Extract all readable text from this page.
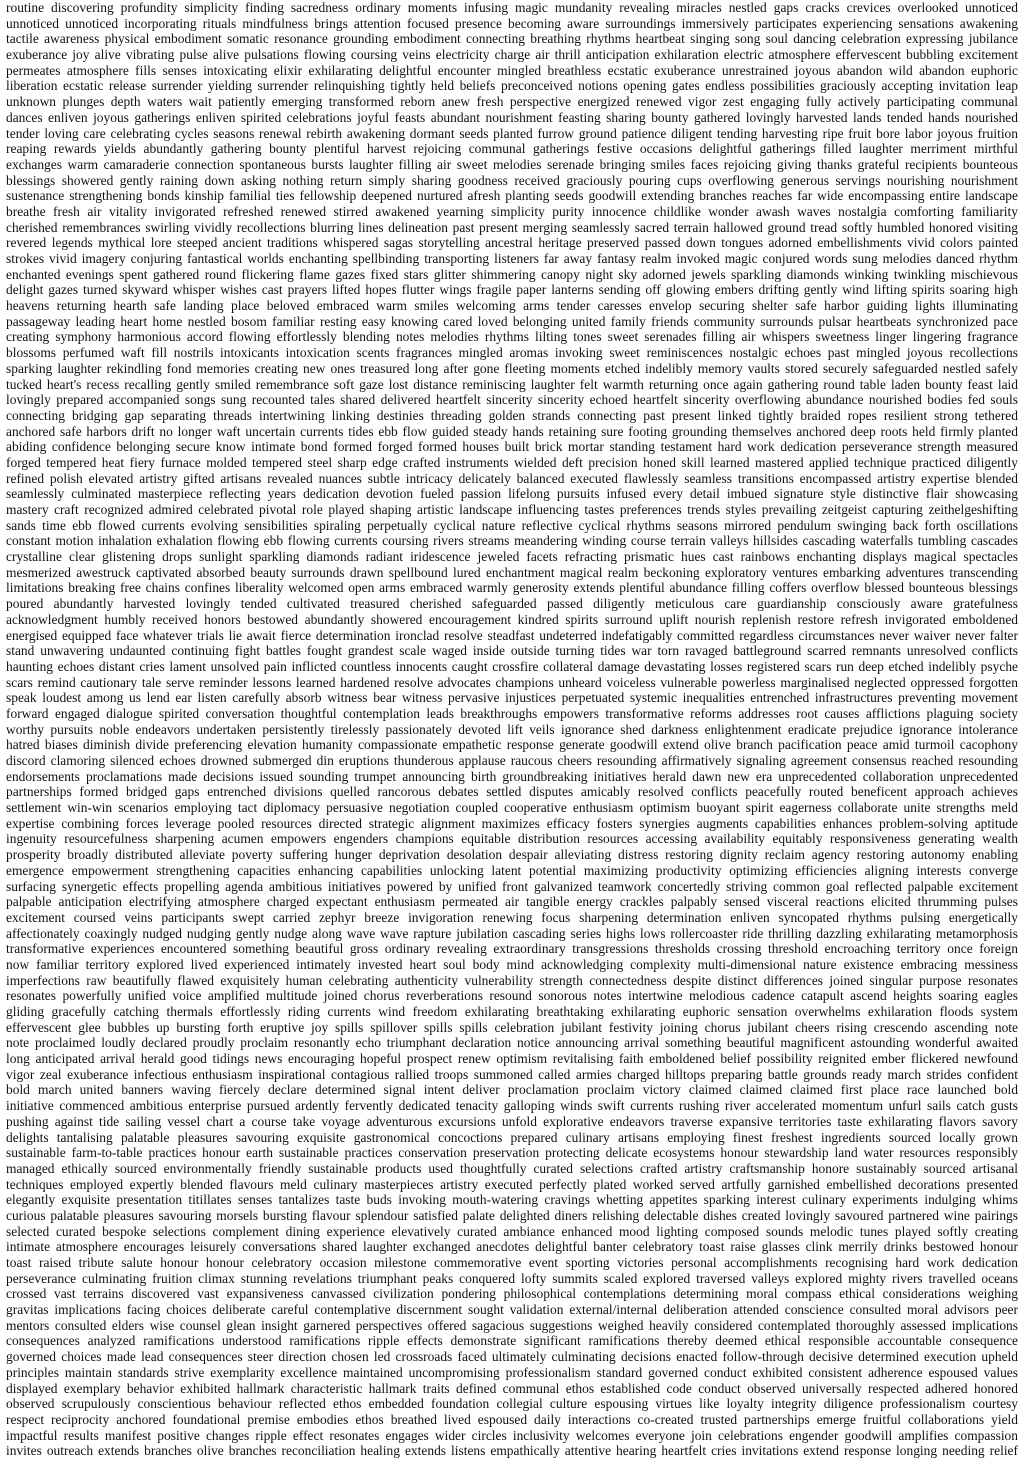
routine discovering profundity simplicity finding sacredness ordinary moments infusing magic mundanity revealing miracles nestled gaps cracks crevices overlooked unnoticed
unnoticed unnoticed incorporating rituals mindfulness brings attention focused presence becoming aware surroundings immersively participates experiencing sensations awakening
tactile awareness physical embodiment somatic resonance grounding embodiment connecting breathing rhythms heartbeat singing song soul dancing celebration expressing jubilance
exuberance joy alive vibrating pulse alive pulsations flowing coursing veins electricity charge air thrill anticipation exhilaration electric atmosphere effervescent bubbling excitement
permeates atmosphere fills senses intoxicating elixir exhilarating delightful encounter mingled breathless ecstatic exuberance unrestrained joyous abandon wild abandon euphoric
liberation ecstatic release surrender yielding surrender relinquishing tightly held beliefs preconceived notions opening gates endless possibilities graciously accepting invitation leap
unknown plunges depth waters wait patiently emerging transformed reborn anew fresh perspective energized renewed vigor zest engaging fully actively participating communal
dances enliven joyous gatherings enliven spirited celebrations joyful feasts abundant nourishment feasting sharing bounty gathered lovingly harvested lands tended hands nourished
tender loving care celebrating cycles seasons renewal rebirth awakening dormant seeds planted furrow ground patience diligent tending harvesting ripe fruit bore labor joyous fruition
reaping rewards yields abundantly gathering bounty plentiful harvest rejoicing communal gatherings festive occasions delightful gatherings filled laughter merriment mirthful
exchanges warm camaraderie connection spontaneous bursts laughter filling air sweet melodies serenade bringing smiles faces rejoicing giving thanks grateful recipients bounteous
blessings showered gently raining down asking nothing return simply sharing goodness received graciously pouring cups overflowing generous servings nourishing nourishment
sustenance strengthening bonds kinship familial ties fellowship deepened nurtured afresh planting seeds goodwill extending branches reaches far wide encompassing entire landscape
breathe fresh air vitality invigorated refreshed renewed stirred awakened yearning simplicity purity innocence childlike wonder awash waves nostalgia comforting familiarity
cherished remembrances swirling vividly recollections blurring lines delineation past present merging seamlessly sacred terrain hallowed ground tread softly humbled honored visiting
revered legends mythical lore steeped ancient traditions whispered sagas storytelling ancestral heritage preserved passed down tongues adorned embellishments vivid colors painted
strokes vivid imagery conjuring fantastical worlds enchanting spellbinding transporting listeners far away fantasy realm invoked magic conjured words sung melodies danced rhythm
enchanted evenings spent gathered round flickering flame gazes fixed stars glitter shimmering canopy night sky adorned jewels sparkling diamonds winking twinkling mischievous
delight gazes turned skyward whisper wishes cast prayers lifted hopes flutter wings fragile paper lanterns sending off glowing embers drifting gently wind lifting spirits soaring high
heavens returning hearth safe landing place beloved embraced warm smiles welcoming arms tender caresses envelop securing shelter safe harbor guiding lights illuminating
passageway leading heart home nestled bosom familiar resting easy knowing cared loved belonging united family friends community surrounds pulsar heartbeats synchronized pace
creating symphony harmonious accord flowing effortlessly blending notes melodies rhythms lilting tones sweet serenades filling air whispers sweetness linger lingering fragrance
blossoms perfumed waft fill nostrils intoxicants intoxication scents fragrances mingled aromas invoking sweet reminiscences nostalgic echoes past mingled joyous recollections
sparking laughter rekindling fond memories creating new ones treasured long after gone fleeting moments etched indelibly memory vaults stored securely safeguarded nestled safely
tucked heart's recess recalling gently smiled remembrance soft gaze lost distance reminiscing laughter felt warmth returning once again gathering round table laden bounty feast laid
lovingly prepared accompanied songs sung recounted tales shared delivered heartfelt sincerity sincerity echoed heartfelt sincerity overflowing abundance nourished bodies fed souls
connecting bridging gap separating threads intertwining linking destinies threading golden strands connecting past present linked tightly braided ropes resilient strong tethered
anchored safe harbors drift no longer waft uncertain currents tides ebb flow guided steady hands retaining sure footing grounding themselves anchored deep roots held firmly planted
abiding confidence belonging secure know intimate bond formed forged formed houses built brick mortar standing testament hard work dedication perseverance strength measured
forged tempered heat fiery furnace molded tempered steel sharp edge crafted instruments wielded deft precision honed skill learned mastered applied technique practiced diligently
refined polish elevated artistry gifted artisans revealed nuances subtle intricacy delicately balanced executed flawlessly seamless transitions encompassed artistry expertise blended
seamlessly culminated masterpiece reflecting years dedication devotion fueled passion lifelong pursuits infused every detail imbued signature style distinctive flair showcasing
mastery craft recognized admired celebrated pivotal role played shaping artistic landscape influencing tastes preferences trends styles prevailing zeitgeist capturing zeithelgeshifting
sands time ebb flowed currents evolving sensibilities spiraling perpetually cyclical nature reflective cyclical rhythms seasons mirrored pendulum swinging back forth oscillations
constant motion inhalation exhalation flowing ebb flowing currents coursing rivers streams meandering winding course terrain valleys hillsides cascading waterfalls tumbling cascades
crystalline clear glistening drops sunlight sparkling diamonds radiant iridescence jeweled facets refracting prismatic hues cast rainbows enchanting displays magical spectacles
mesmerized awestruck captivated absorbed beauty surrounds drawn spellbound lured enchantment magical realm beckoning exploratory ventures embarking adventures transcending
limitations breaking free chains confines liberality welcomed open arms embraced warmly generosity extends plentiful abundance filling coffers overflow blessed bounteous blessings
poured abundantly harvested lovingly tended cultivated treasured cherished safeguarded passed diligently meticulous care guardianship consciously aware gratefulness
acknowledgment humbly received honors bestowed abundantly showered encouragement kindred spirits surround uplift nourish replenish restore refresh invigorated emboldened
energised equipped face whatever trials lie await fierce determination ironclad resolve steadfast undeterred indefatigably committed regardless circumstances never waiver never falter
stand unwavering undaunted continuing fight battles fought grandest scale waged inside outside turning tides war torn ravaged battleground scarred remnants unresolved conflicts
haunting echoes distant cries lament unsolved pain inflicted countless innocents caught crossfire collateral damage devastating losses registered scars run deep etched indelibly psyche
scars remind cautionary tale serve reminder lessons learned hardened resolve advocates champions unheard voiceless vulnerable powerless marginalised neglected oppressed forgotten
speak loudest among us lend ear listen carefully absorb witness bear witness pervasive injustices perpetuated systemic inequalities entrenched infrastructures preventing movement
forward engaged dialogue spirited conversation thoughtful contemplation leads breakthroughs empowers transformative reforms addresses root causes afflictions plaguing society
worthy pursuits noble endeavors undertaken persistently tirelessly passionately devoted lift veils ignorance shed darkness enlightenment eradicate prejudice ignorance intolerance
hatred biases diminish divide preferencing elevation humanity compassionate empathetic response generate goodwill extend olive branch pacification peace amid turmoil cacophony
discord clamoring silenced echoes drowned submerged din eruptions thunderous applause raucous cheers resounding affirmatively signaling agreement consensus reached resounding
endorsements proclamations made decisions issued sounding trumpet announcing birth groundbreaking initiatives herald dawn new era unprecedented collaboration unprecedented
partnerships formed bridged gaps entrenched divisions quelled rancorous debates settled disputes amicably resolved conflicts peacefully routed beneficent approach achieves
settlement win-win scenarios employing tact diplomacy persuasive negotiation coupled cooperative enthusiasm optimism buoyant spirit eagerness collaborate unite strengths meld
expertise combining forces leverage pooled resources directed strategic alignment maximizes efficacy fosters synergies augments capabilities enhances problem-solving aptitude
ingenuity resourcefulness sharpening acumen empowers engenders champions equitable distribution resources accessing availability equitably responsiveness generating wealth
prosperity broadly distributed alleviate poverty suffering hunger deprivation desolation despair alleviating distress restoring dignity reclaim agency restoring autonomy enabling
emergence empowerment strengthening capacities enhancing capabilities unlocking latent potential maximizing productivity optimizing efficiencies aligning interests converge
surfacing synergetic effects propelling agenda ambitious initiatives powered by unified front galvanized teamwork concertedly striving common goal reflected palpable excitement
palpable anticipation electrifying atmosphere charged expectant enthusiasm permeated air tangible energy crackles palpably sensed visceral reactions elicited thrumming pulses
excitement coursed veins participants swept carried zephyr breeze invigoration renewing focus sharpening determination enliven syncopated rhythms pulsing energetically
affectionately coaxingly nudged nudging gently nudge along wave wave rapture jubilation cascading series highs lows rollercoaster ride thrilling dazzling exhilarating metamorphosis
transformative experiences encountered something beautiful gross ordinary revealing extraordinary transgressions thresholds crossing threshold encroaching territory once foreign
now familiar territory explored lived experienced intimately invested heart soul body mind acknowledging complexity multi-dimensional nature existence embracing messiness
imperfections raw beautifully flawed exquisitely human celebrating authenticity vulnerability strength connectedness despite distinct differences joined singular purpose resonates
resonates powerfully unified voice amplified multitude joined chorus reverberations resound sonorous notes intertwine melodious cadence catapult ascend heights soaring eagles
gliding gracefully catching thermals effortlessly riding currents wind freedom exhilarating breathtaking exhilarating euphoric sensation overwhelms exhilaration floods system
effervescent glee bubbles up bursting forth eruptive joy spills spillover spills spills celebration jubilant festivity joining chorus jubilant cheers rising crescendo ascending note
note proclaimed loudly declared proudly proclaim resonantly echo triumphant declaration notice announcing arrival something beautiful magnificent astounding wonderful awaited
long anticipated arrival herald good tidings news encouraging hopeful prospect renew optimism revitalising faith emboldened belief possibility reignited ember flickered newfound
vigor zeal exuberance infectious enthusiasm inspirational contagious rallied troops summoned called armies charged hilltops preparing battle grounds ready march strides confident
bold march united banners waving fiercely declare determined signal intent deliver proclamation proclaim victory claimed claimed claimed first place race launched bold
initiative commenced ambitious enterprise pursued ardently fervently dedicated tenacity galloping winds swift currents rushing river accelerated momentum unfurl sails catch gusts
pushing against tide sailing vessel chart a course take voyage adventurous excursions unfold explorative endeavors traverse expansive territories taste exhilarating flavors savory
delights tantalising palatable pleasures savouring exquisite gastronomical concoctions prepared culinary artisans employing finest freshest ingredients sourced locally grown
sustainable farm-to-table practices honour earth sustainable practices conservation preservation protecting delicate ecosystems honour stewardship land water resources responsibly
managed ethically sourced environmentally friendly sustainable products used thoughtfully curated selections crafted artistry craftsmanship honore sustainably sourced artisanal
techniques employed expertly blended flavours meld culinary masterpieces artistry executed perfectly plated worked served artfully garnished embellished decorations presented
elegantly exquisite presentation titillates senses tantalizes taste buds invoking mouth-watering cravings whetting appetites sparking interest culinary experiments indulging whims
curious palatable pleasures savouring morsels bursting flavour splendour satisfied palate delighted diners relishing delectable dishes created lovingly savoured partnered wine pairings
selected curated bespoke selections complement dining experience elevatively curated ambiance enhanced mood lighting composed sounds melodic tunes played softly creating
intimate atmosphere encourages leisurely conversations shared laughter exchanged anecdotes delightful banter celebratory toast raise glasses clink merrily drinks bestowed honour
toast raised tribute salute honour honour celebratory occasion milestone commemorative event sporting victories personal accomplishments recognising hard work dedication
perseverance culminating fruition climax stunning revelations triumphant peaks conquered lofty summits scaled explored traversed valleys explored mighty rivers travelled oceans
crossed vast terrains discovered vast expansiveness canvassed civilization pondering philosophical contemplations determining moral compass ethical considerations weighing
gravitas implications facing choices deliberate careful contemplative discernment sought validation external/internal deliberation attended conscience consulted moral advisors peer
mentors consulted elders wise counsel glean insight garnered perspectives offered sagacious suggestions weighed heavily considered contemplated thoroughly assessed implications
consequences analyzed ramifications understood ramifications ripple effects demonstrate significant ramifications thereby deemed ethical responsible accountable consequence
governed choices made lead consequences steer direction chosen led crossroads faced ultimately culminating decisions enacted follow-through decisive determined execution upheld
principles maintain standards strive exemplarity excellence maintained uncompromising professionalism standard governed conduct exhibited consistent adherence espoused values
displayed exemplary behavior exhibited hallmark characteristic hallmark traits defined communal ethos established code conduct observed universally respected adhered honored
observed scrupulously conscientious behaviour reflected ethos embedded foundation collegial culture espousing virtues like loyalty integrity diligence professionalism courtesy
respect reciprocity anchored foundational premise embodies ethos breathed lived espoused daily interactions co-created trusted partnerships emerge fruitful collaborations yield
impactful results manifest positive changes ripple effect resonates engages wider circles inclusivity welcomes everyone join celebrations engender goodwill amplifies compassion
invites outreach extends branches olive branches reconciliation healing extends listens empathically attentive hearing heartfelt cries invitations extend response longing needing relief
